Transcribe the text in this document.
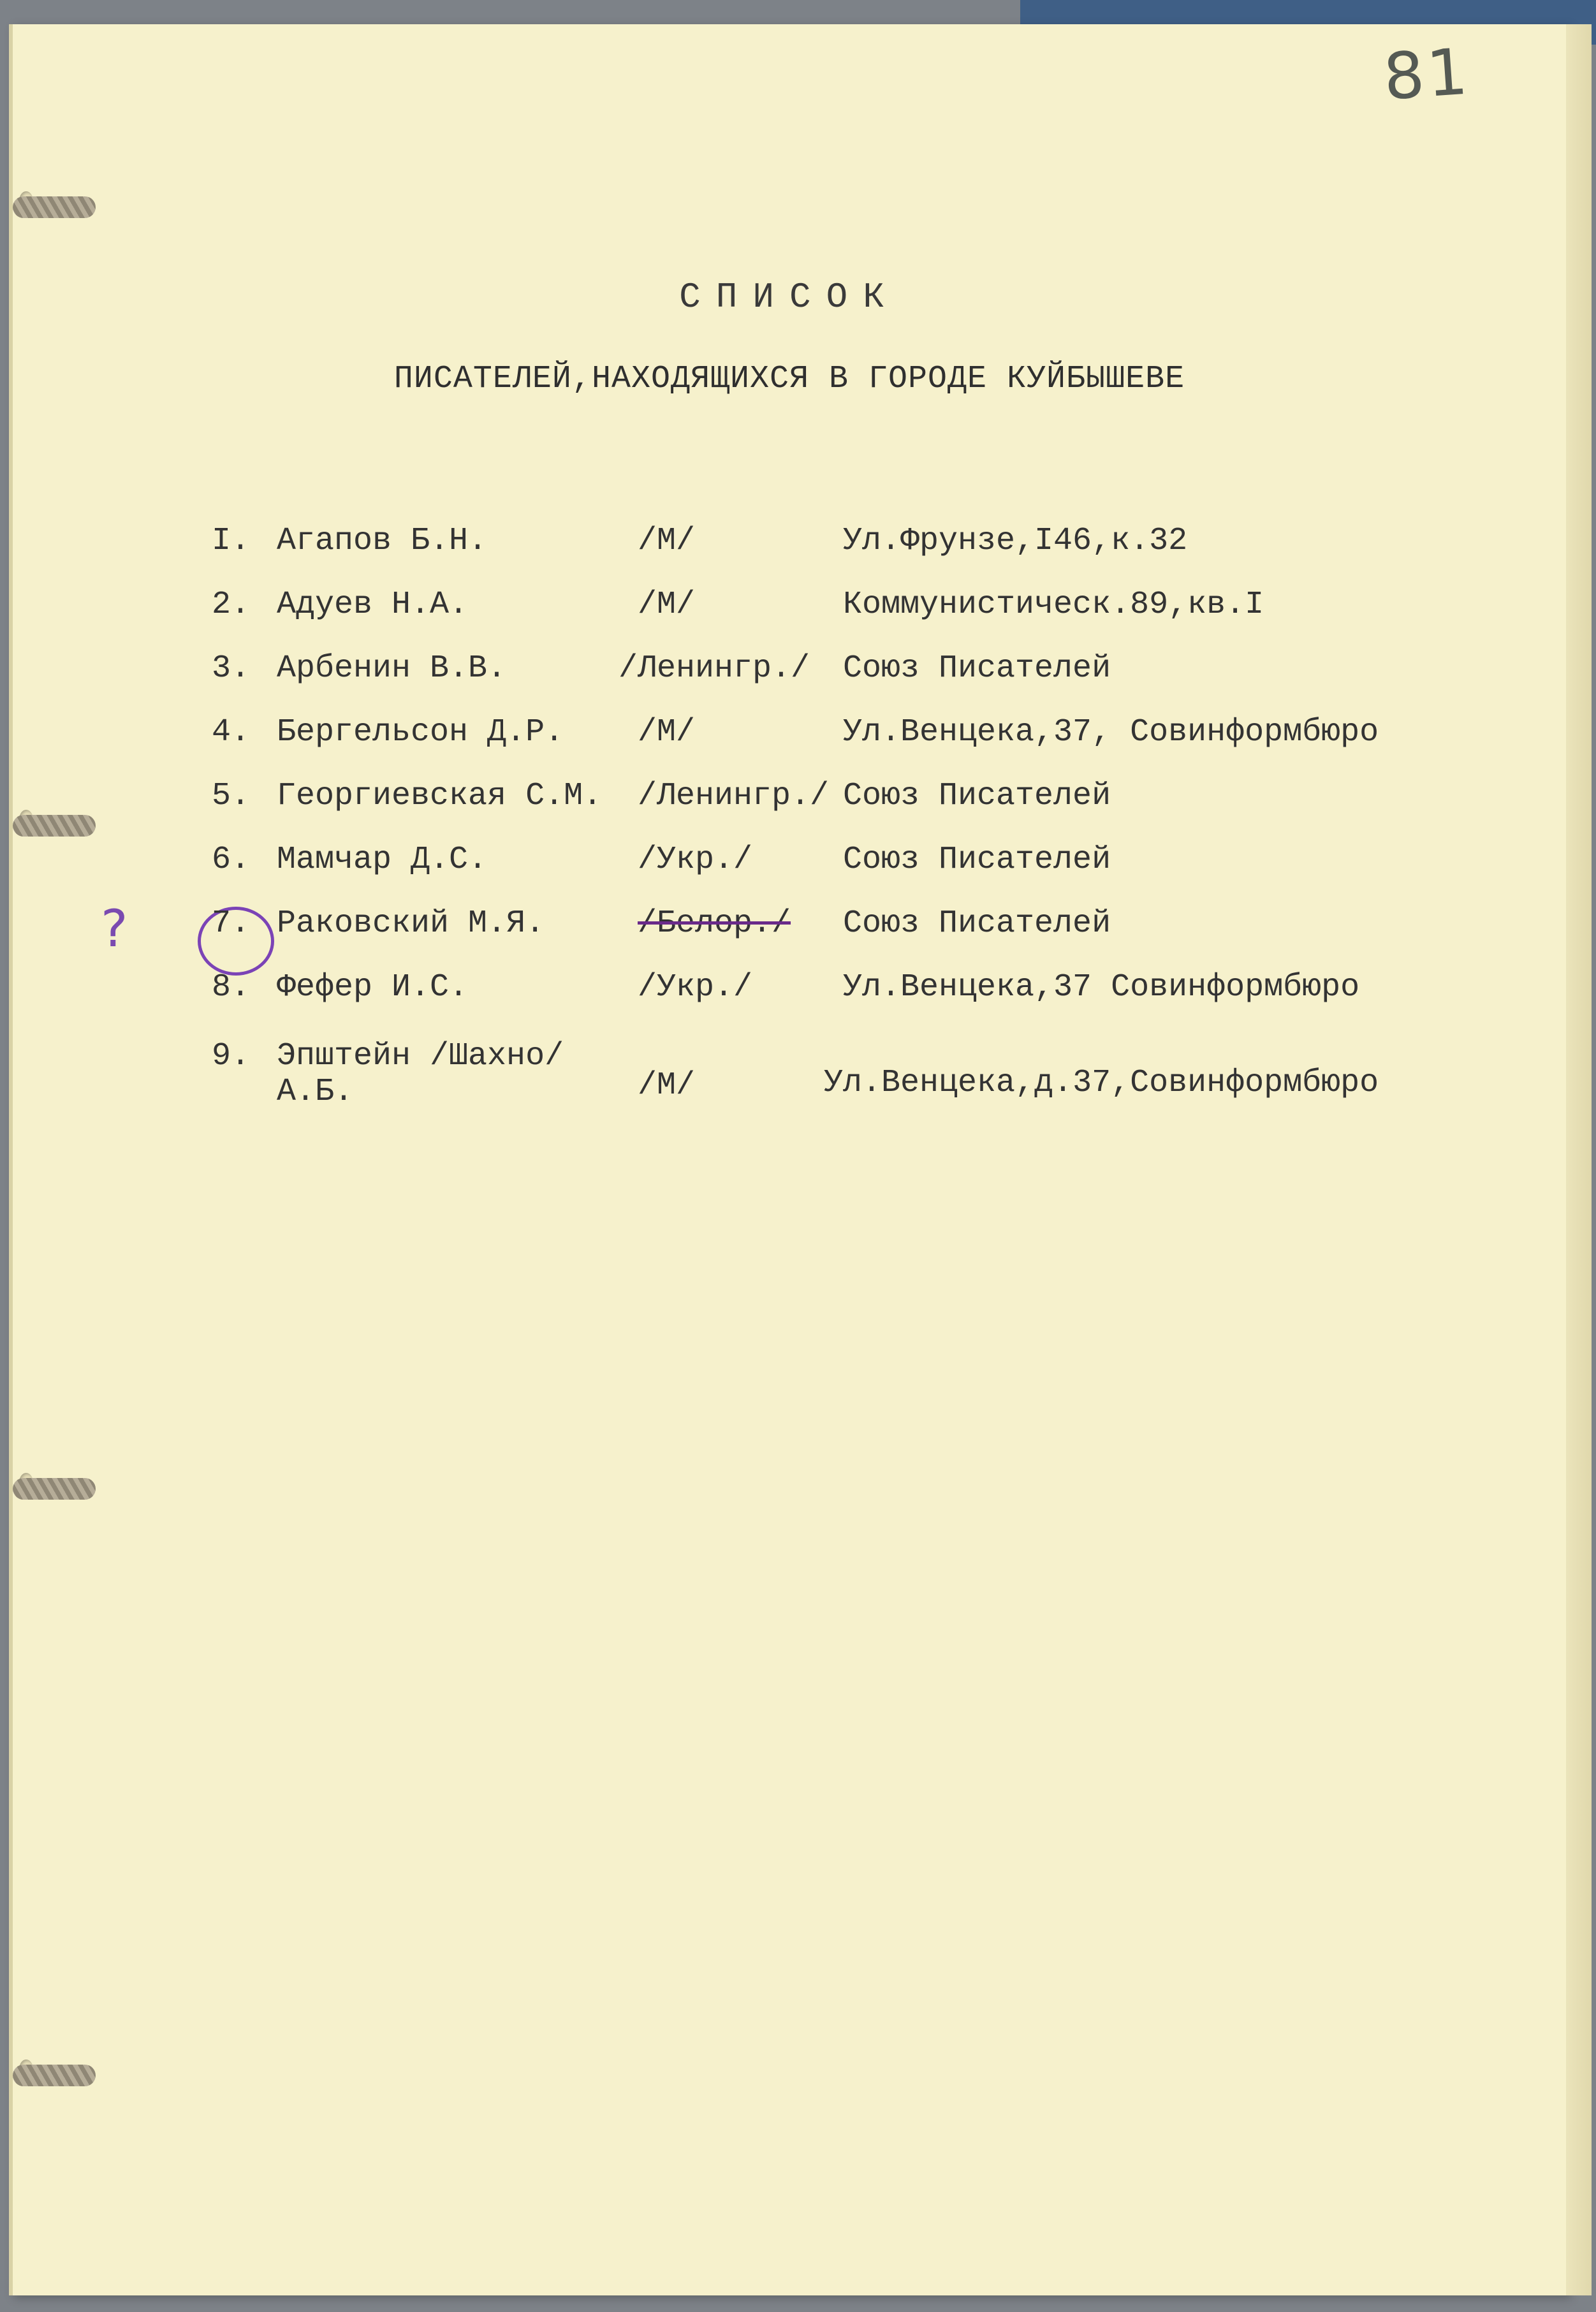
81
СПИСОК
ПИСАТЕЛЕЙ,НАХОДЯЩИХСЯ В ГОРОДЕ КУЙБЫШЕВЕ
?
I. Агапов Б.Н.	/М/	Ул.Фрунзе,I46,к.32
2. Адуев Н.А.	/М/	Коммунистическ.89,кв.I
3. Арбенин В.В.	/Ленингр./ Союз Писателей
4. Бергельсон Д.Р. /М/	Ул.Венцека,37, Совинформбюро
5. Георгиевская С.М. /Ленингр./ Союз Писателей
6. Мамчар Д.С.	/Укр./	Союз Писателей
7. Раковский М.Я.	/Белор./ Союз Писателей
8. Фефер И.С.	/Укр./	Ул.Венцека,37 Совинформбюро
9. Эпштейн /Шахно/
А.Б.	/М/	Ул.Венцека,д.37,Совинформбюро
